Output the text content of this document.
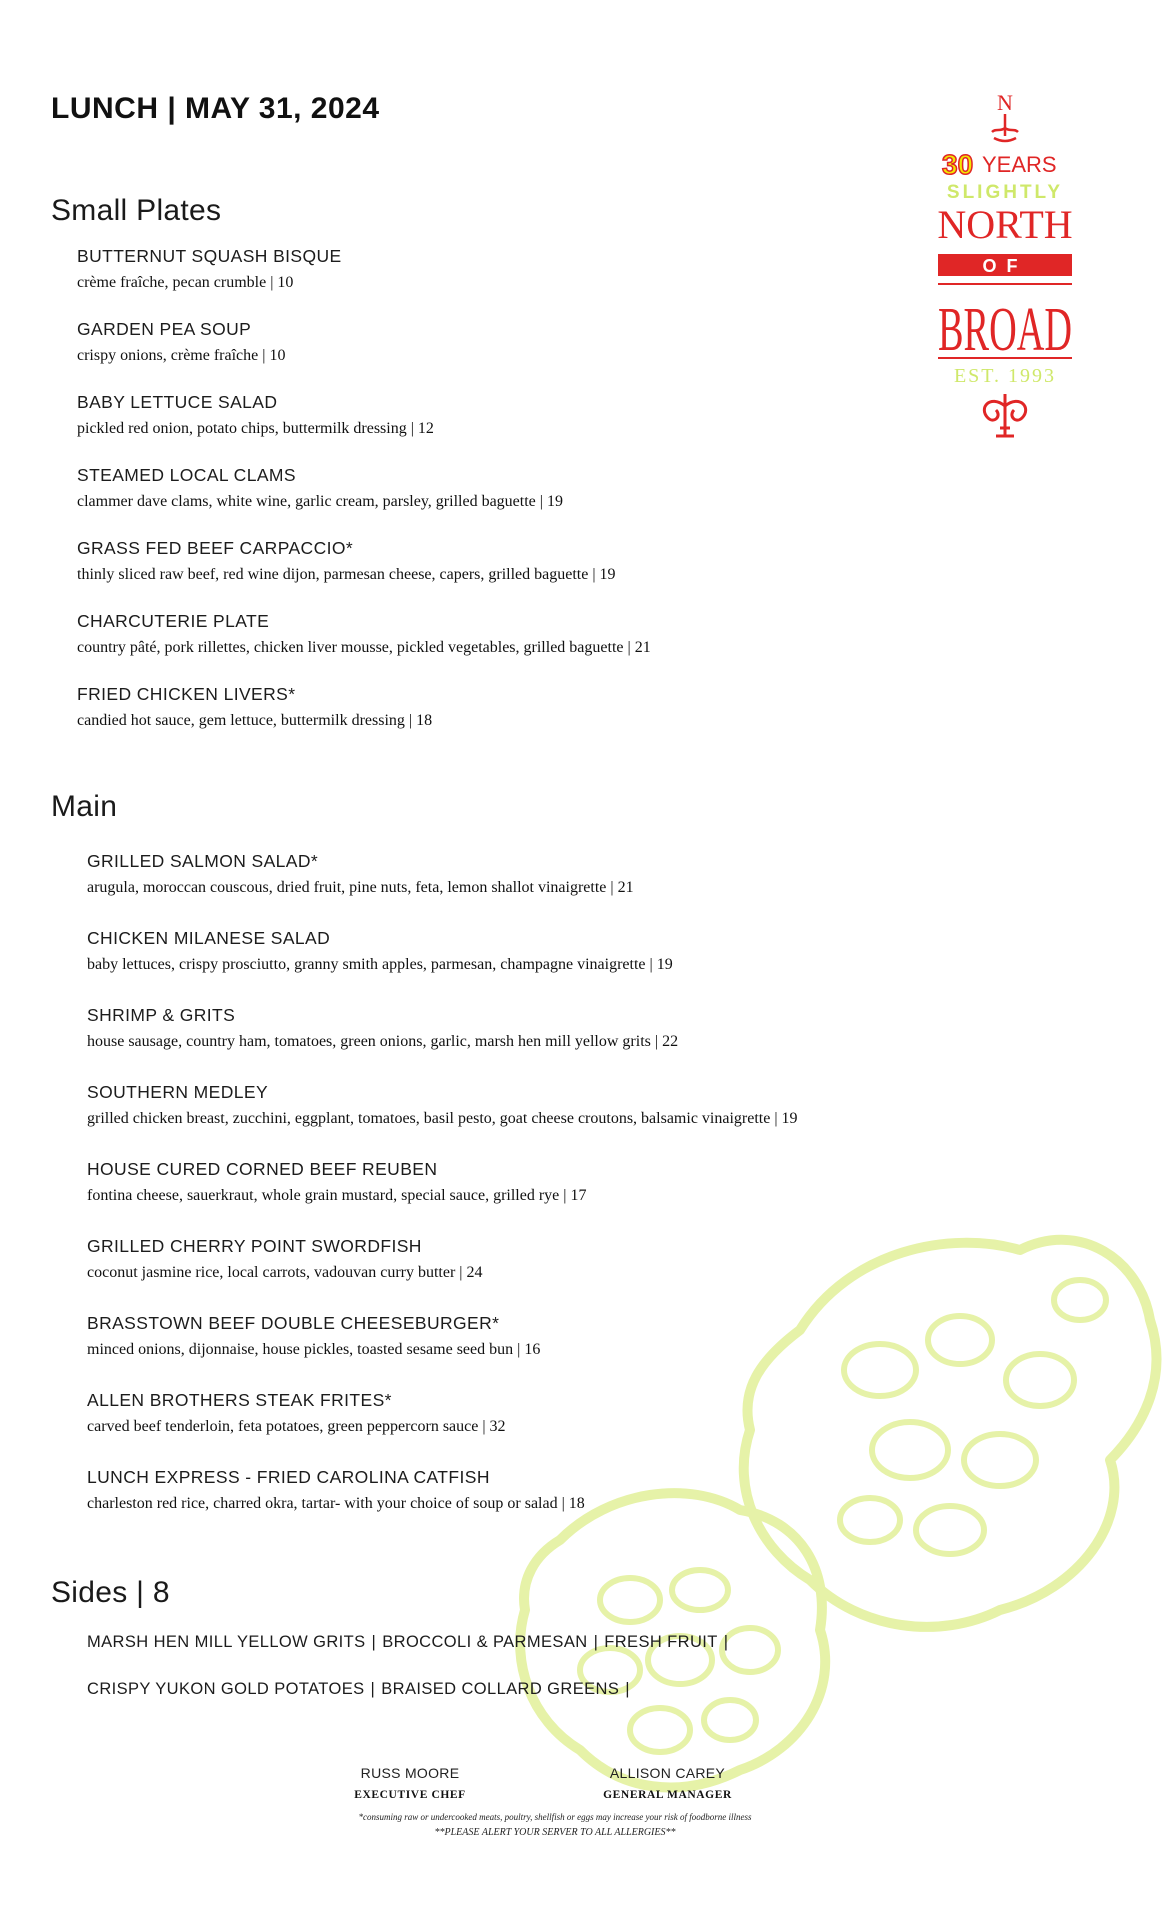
LUNCH | MAY 31, 2024	N
30 YEARS
SLIGHTLY
NORTH
OF
BROAD
EST. 1993
Small Plates
BUTTERNUT SQUASH BISQUE
crème fraîche, pecan crumble | 10
GARDEN PEA SOUP
crispy onions, crème fraîche | 10
BABY LETTUCE SALAD
pickled red onion, potato chips, buttermilk dressing | 12
STEAMED LOCAL CLAMS
clammer dave clams, white wine, garlic cream, parsley, grilled baguette | 19
GRASS FED BEEF CARPACCIO*
thinly sliced raw beef, red wine dijon, parmesan cheese, capers, grilled baguette | 19
CHARCUTERIE PLATE
country pâté, pork rillettes, chicken liver mousse, pickled vegetables, grilled baguette | 21
FRIED CHICKEN LIVERS*
candied hot sauce, gem lettuce, buttermilk dressing | 18
Main
GRILLED SALMON SALAD*
arugula, moroccan couscous, dried fruit, pine nuts, feta, lemon shallot vinaigrette | 21
CHICKEN MILANESE SALAD
baby lettuces, crispy prosciutto, granny smith apples, parmesan, champagne vinaigrette | 19
SHRIMP & GRITS
house sausage, country ham, tomatoes, green onions, garlic, marsh hen mill yellow grits | 22
SOUTHERN MEDLEY
grilled chicken breast, zucchini, eggplant, tomatoes, basil pesto, goat cheese croutons, balsamic vinaigrette | 19
HOUSE CURED CORNED BEEF REUBEN
fontina cheese, sauerkraut, whole grain mustard, special sauce, grilled rye | 17
GRILLED CHERRY POINT SWORDFISH
coconut jasmine rice, local carrots, vadouvan curry butter | 24
BRASSTOWN BEEF DOUBLE CHEESEBURGER*
minced onions, dijonnaise, house pickles, toasted sesame seed bun | 16
ALLEN BROTHERS STEAK FRITES*
carved beef tenderloin, feta potatoes, green peppercorn sauce | 32
LUNCH EXPRESS - FRIED CAROLINA CATFISH
charleston red rice, charred okra, tartar- with your choice of soup or salad | 18
Sides | 8
MARSH HEN MILL YELLOW GRITS | BROCCOLI & PARMESAN | FRESH FRUIT |
CRISPY YUKON GOLD POTATOES | BRAISED COLLARD GREENS |
RUSS MOORE
EXECUTIVE CHEF
ALLISON CAREY
GENERAL MANAGER
*consuming raw or undercooked meats, poultry, shellfish or eggs may increase your risk of foodborne illness
**PLEASE ALERT YOUR SERVER TO ALL ALLERGIES**
